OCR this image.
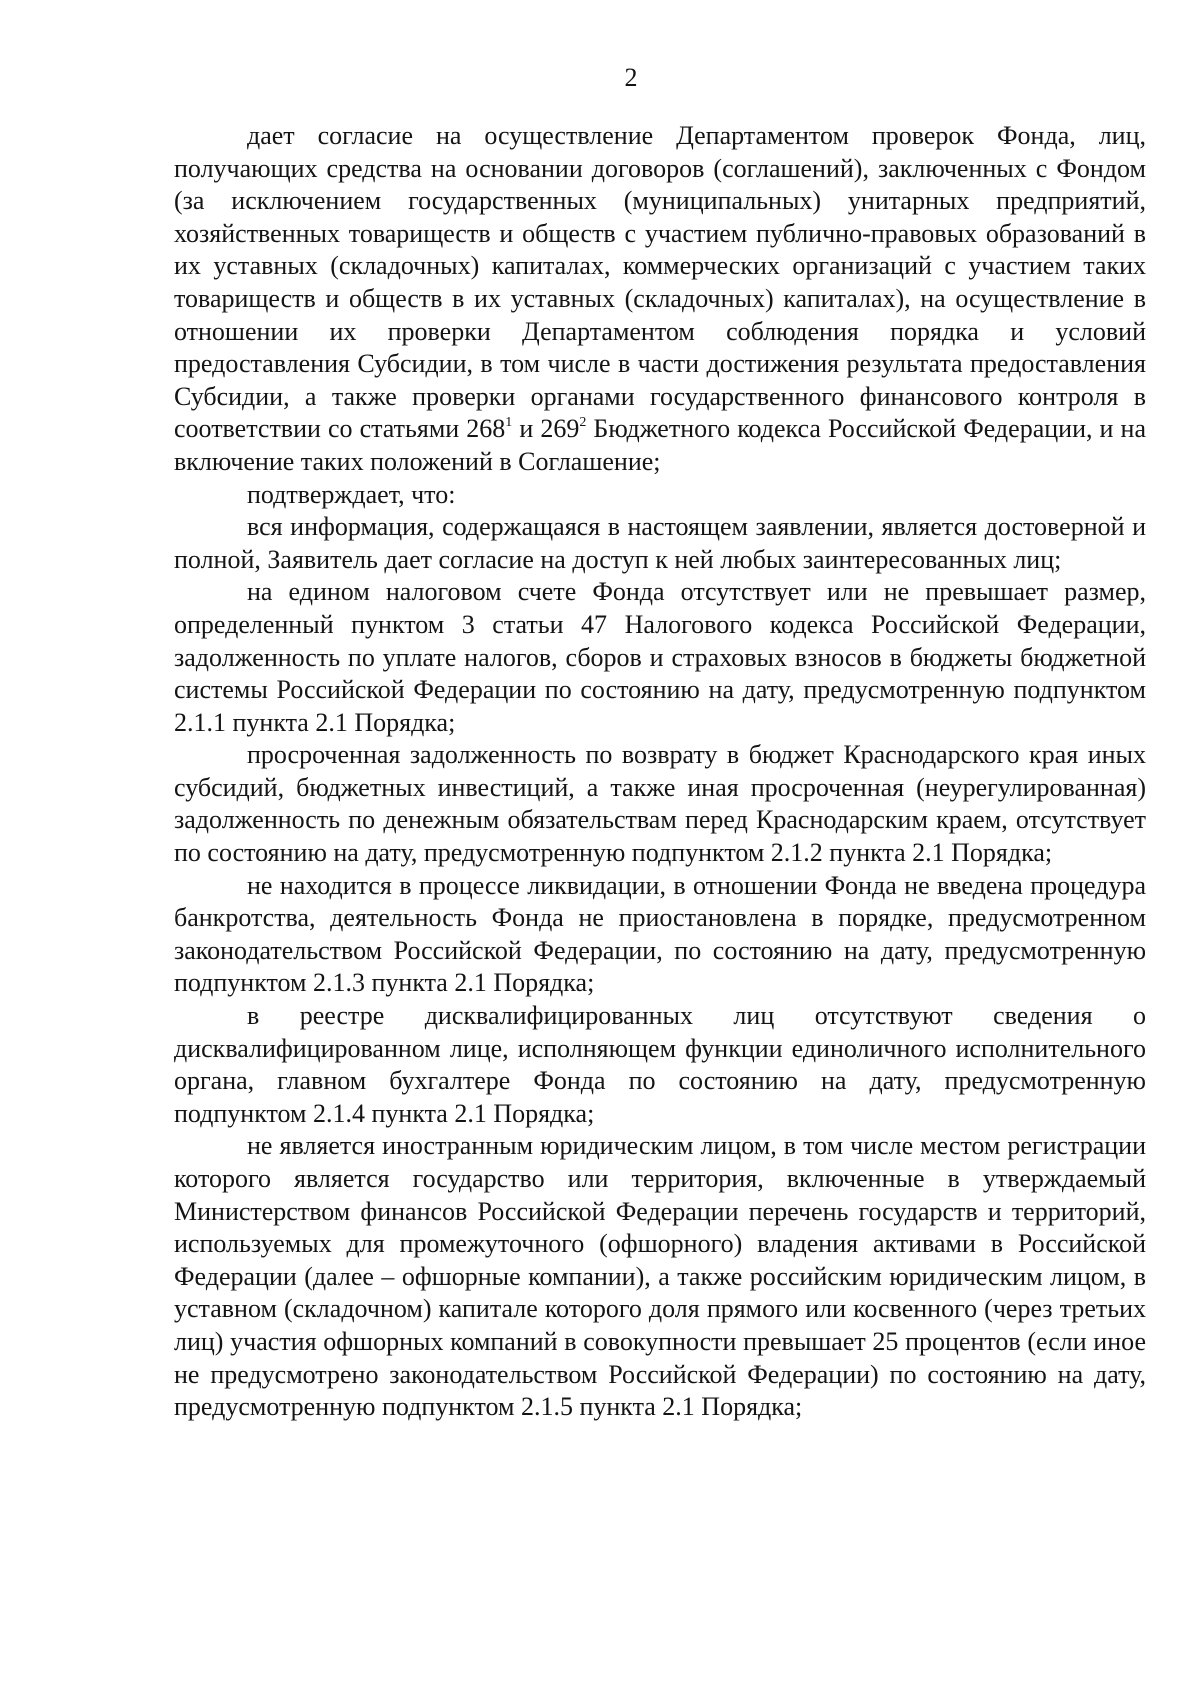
2

дает согласие на осуществление Департаментом проверок Фонда, лиц, получающих средства на основании договоров (соглашений), заключенных с Фондом (за исключением государственных (муниципальных) унитарных предприятий, хозяйственных товариществ и обществ с участием публично-правовых образований в их уставных (складочных) капиталах, коммерческих организаций с участием таких товариществ и обществ в их уставных (складочных) капиталах), на осуществление в отношении их проверки Департаментом соблюдения порядка и условий предоставления Субсидии, в том числе в части достижения результата предоставления Субсидии, а также проверки органами государственного финансового контроля в соответствии со статьями 268$^1$ и 269$^2$ Бюджетного кодекса Российской Федерации, и на включение таких положений в Соглашение;

подтверждает, что:

вся информация, содержащаяся в настоящем заявлении, является достоверной и полной, Заявитель дает согласие на доступ к ней любых заинтересованных лиц;

на едином налоговом счете Фонда отсутствует или не превышает размер, определенный пунктом 3 статьи 47 Налогового кодекса Российской Федерации, задолженность по уплате налогов, сборов и страховых взносов в бюджеты бюджетной системы Российской Федерации по состоянию на дату, предусмотренную подпунктом 2.1.1 пункта 2.1 Порядка;

просроченная задолженность по возврату в бюджет Краснодарского края иных субсидий, бюджетных инвестиций, а также иная просроченная (неурегулированная) задолженность по денежным обязательствам перед Краснодарским краем, отсутствует по состоянию на дату, предусмотренную подпунктом 2.1.2 пункта 2.1 Порядка;

не находится в процессе ликвидации, в отношении Фонда не введена процедура банкротства, деятельность Фонда не приостановлена в порядке, предусмотренном законодательством Российской Федерации, по состоянию на дату, предусмотренную подпунктом 2.1.3 пункта 2.1 Порядка;

в реестре дисквалифицированных лиц отсутствуют сведения о дисквалифицированном лице, исполняющем функции единоличного исполнительного органа, главном бухгалтере Фонда по состоянию на дату, предусмотренную подпунктом 2.1.4 пункта 2.1 Порядка;

не является иностранным юридическим лицом, в том числе местом регистрации которого является государство или территория, включенные в утверждаемый Министерством финансов Российской Федерации перечень государств и территорий, используемых для промежуточного (офшорного) владения активами в Российской Федерации (далее – офшорные компании), а также российским юридическим лицом, в уставном (складочном) капитале которого доля прямого или косвенного (через третьих лиц) участия офшорных компаний в совокупности превышает 25 процентов (если иное не предусмотрено законодательством Российской Федерации) по состоянию на дату, предусмотренную подпунктом 2.1.5 пункта 2.1 Порядка;
